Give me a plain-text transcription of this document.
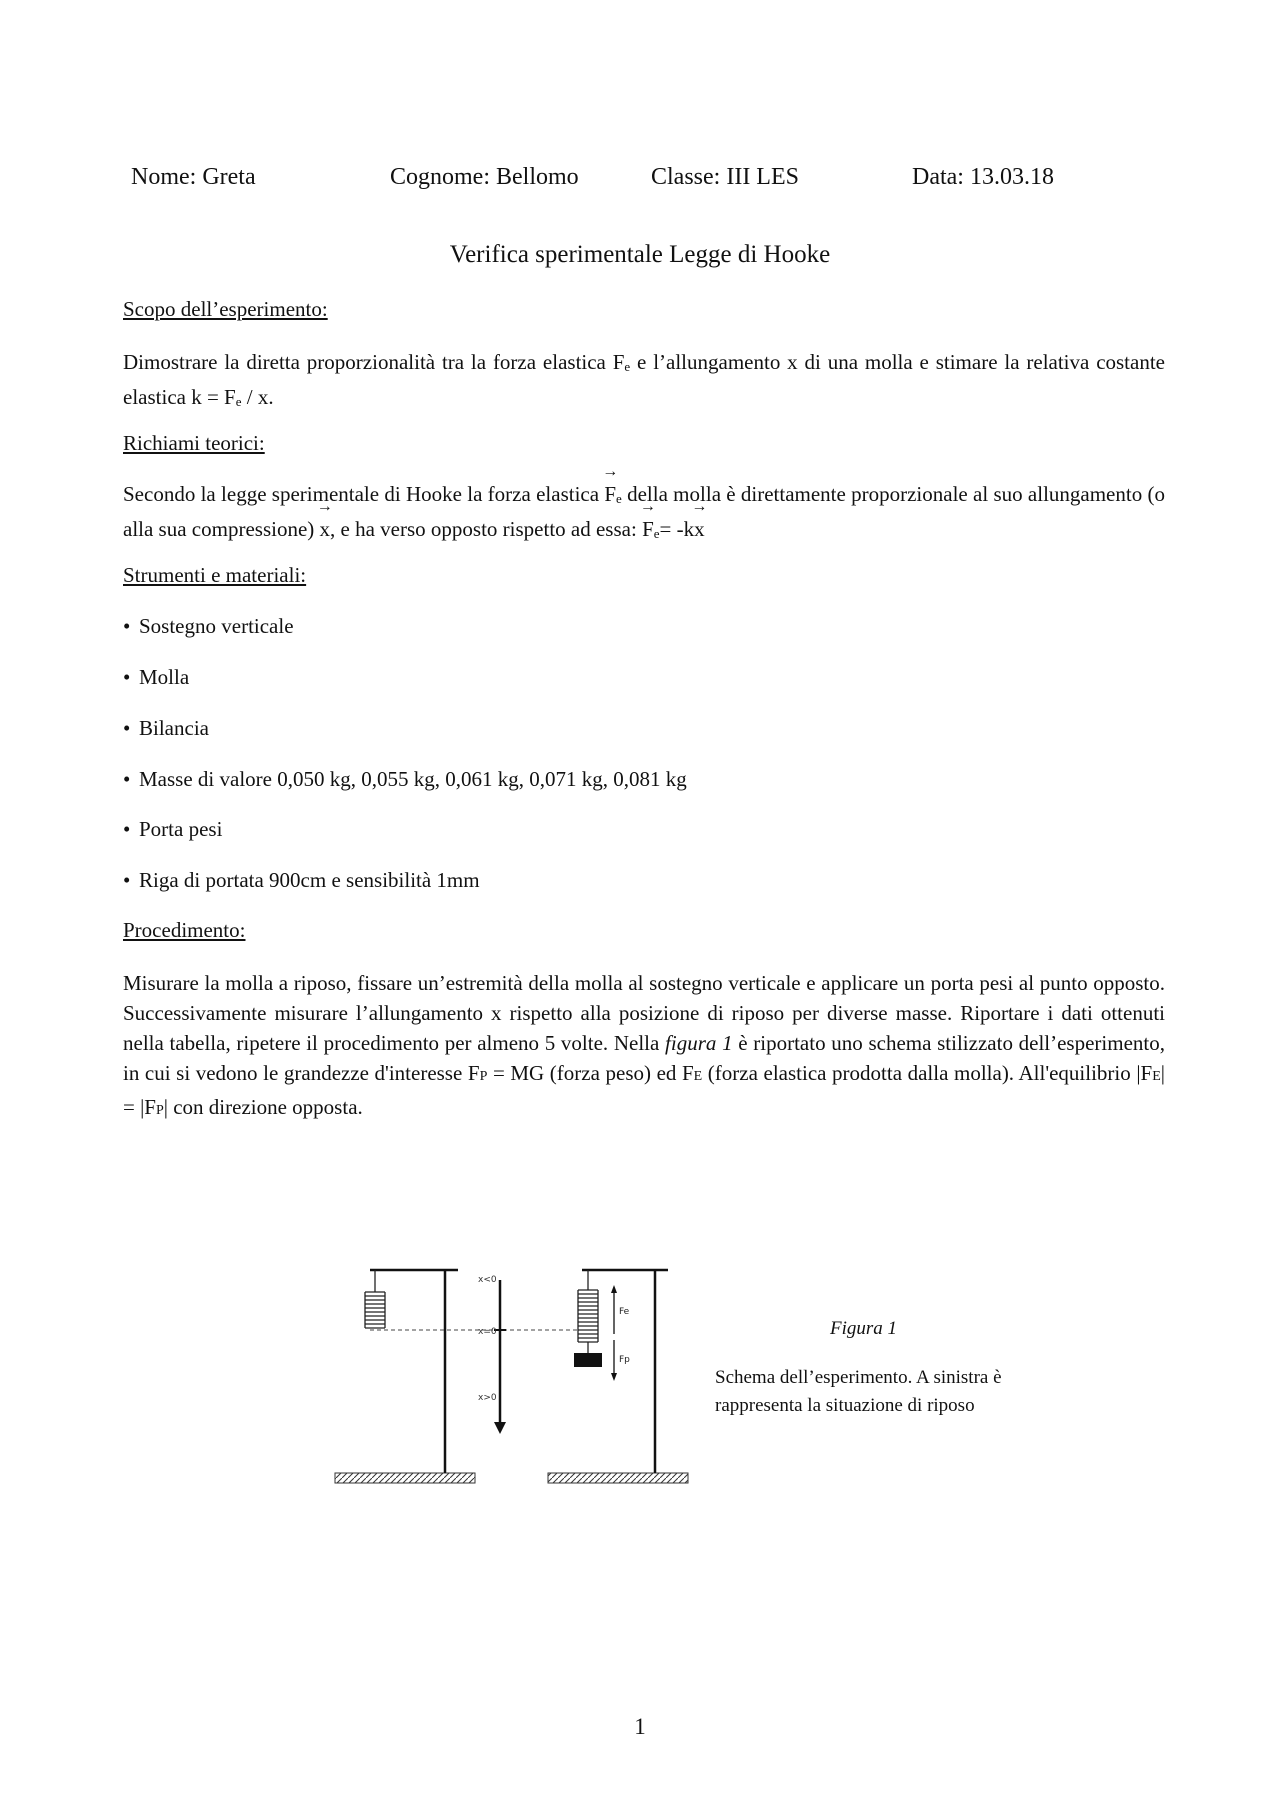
Nome: Greta	Cognome: Bellomo	Classe: III LES	Data: 13.03.18
Verifica sperimentale Legge di Hooke
Scopo dell’esperimento:
Dimostrare la diretta proporzionalità tra la forza elastica Fe e l’allungamento x di una molla e stimare la relativa costante elastica k = Fe / x.
Richiami teorici:
Secondo la legge sperimentale di Hooke la forza elastica → Fe della molla è direttamente proporzionale al suo allungamento (o alla sua compressione) → x, e ha verso opposto rispetto ad essa: → Fe= -k→ x
Strumenti e materiali:
• Sostegno verticale
• Molla
• Bilancia
• Masse di valore 0,050 kg, 0,055 kg, 0,061 kg, 0,071 kg, 0,081 kg
• Porta pesi
• Riga di portata 900cm e sensibilità 1mm
Procedimento:
Misurare la molla a riposo, fissare un’estremità della molla al sostegno verticale e applicare un porta pesi al punto opposto. Successivamente misurare l’allungamento x rispetto alla posizione di riposo per diverse masse. Riportare i dati ottenuti nella tabella, ripetere il procedimento per almeno 5 volte. Nella figura 1 è riportato uno schema stilizzato dell’esperimento, in cui si vedono le grandezze d'interesse FP = MG (forza peso) ed FE (forza elastica prodotta dalla molla). All'equilibrio |FE| = |FP| con direzione opposta.
x<0
x=0
x>0
Fe
Fp
Figura 1
Schema dell’esperimento. A sinistra è rappresenta la situazione di riposo
1
